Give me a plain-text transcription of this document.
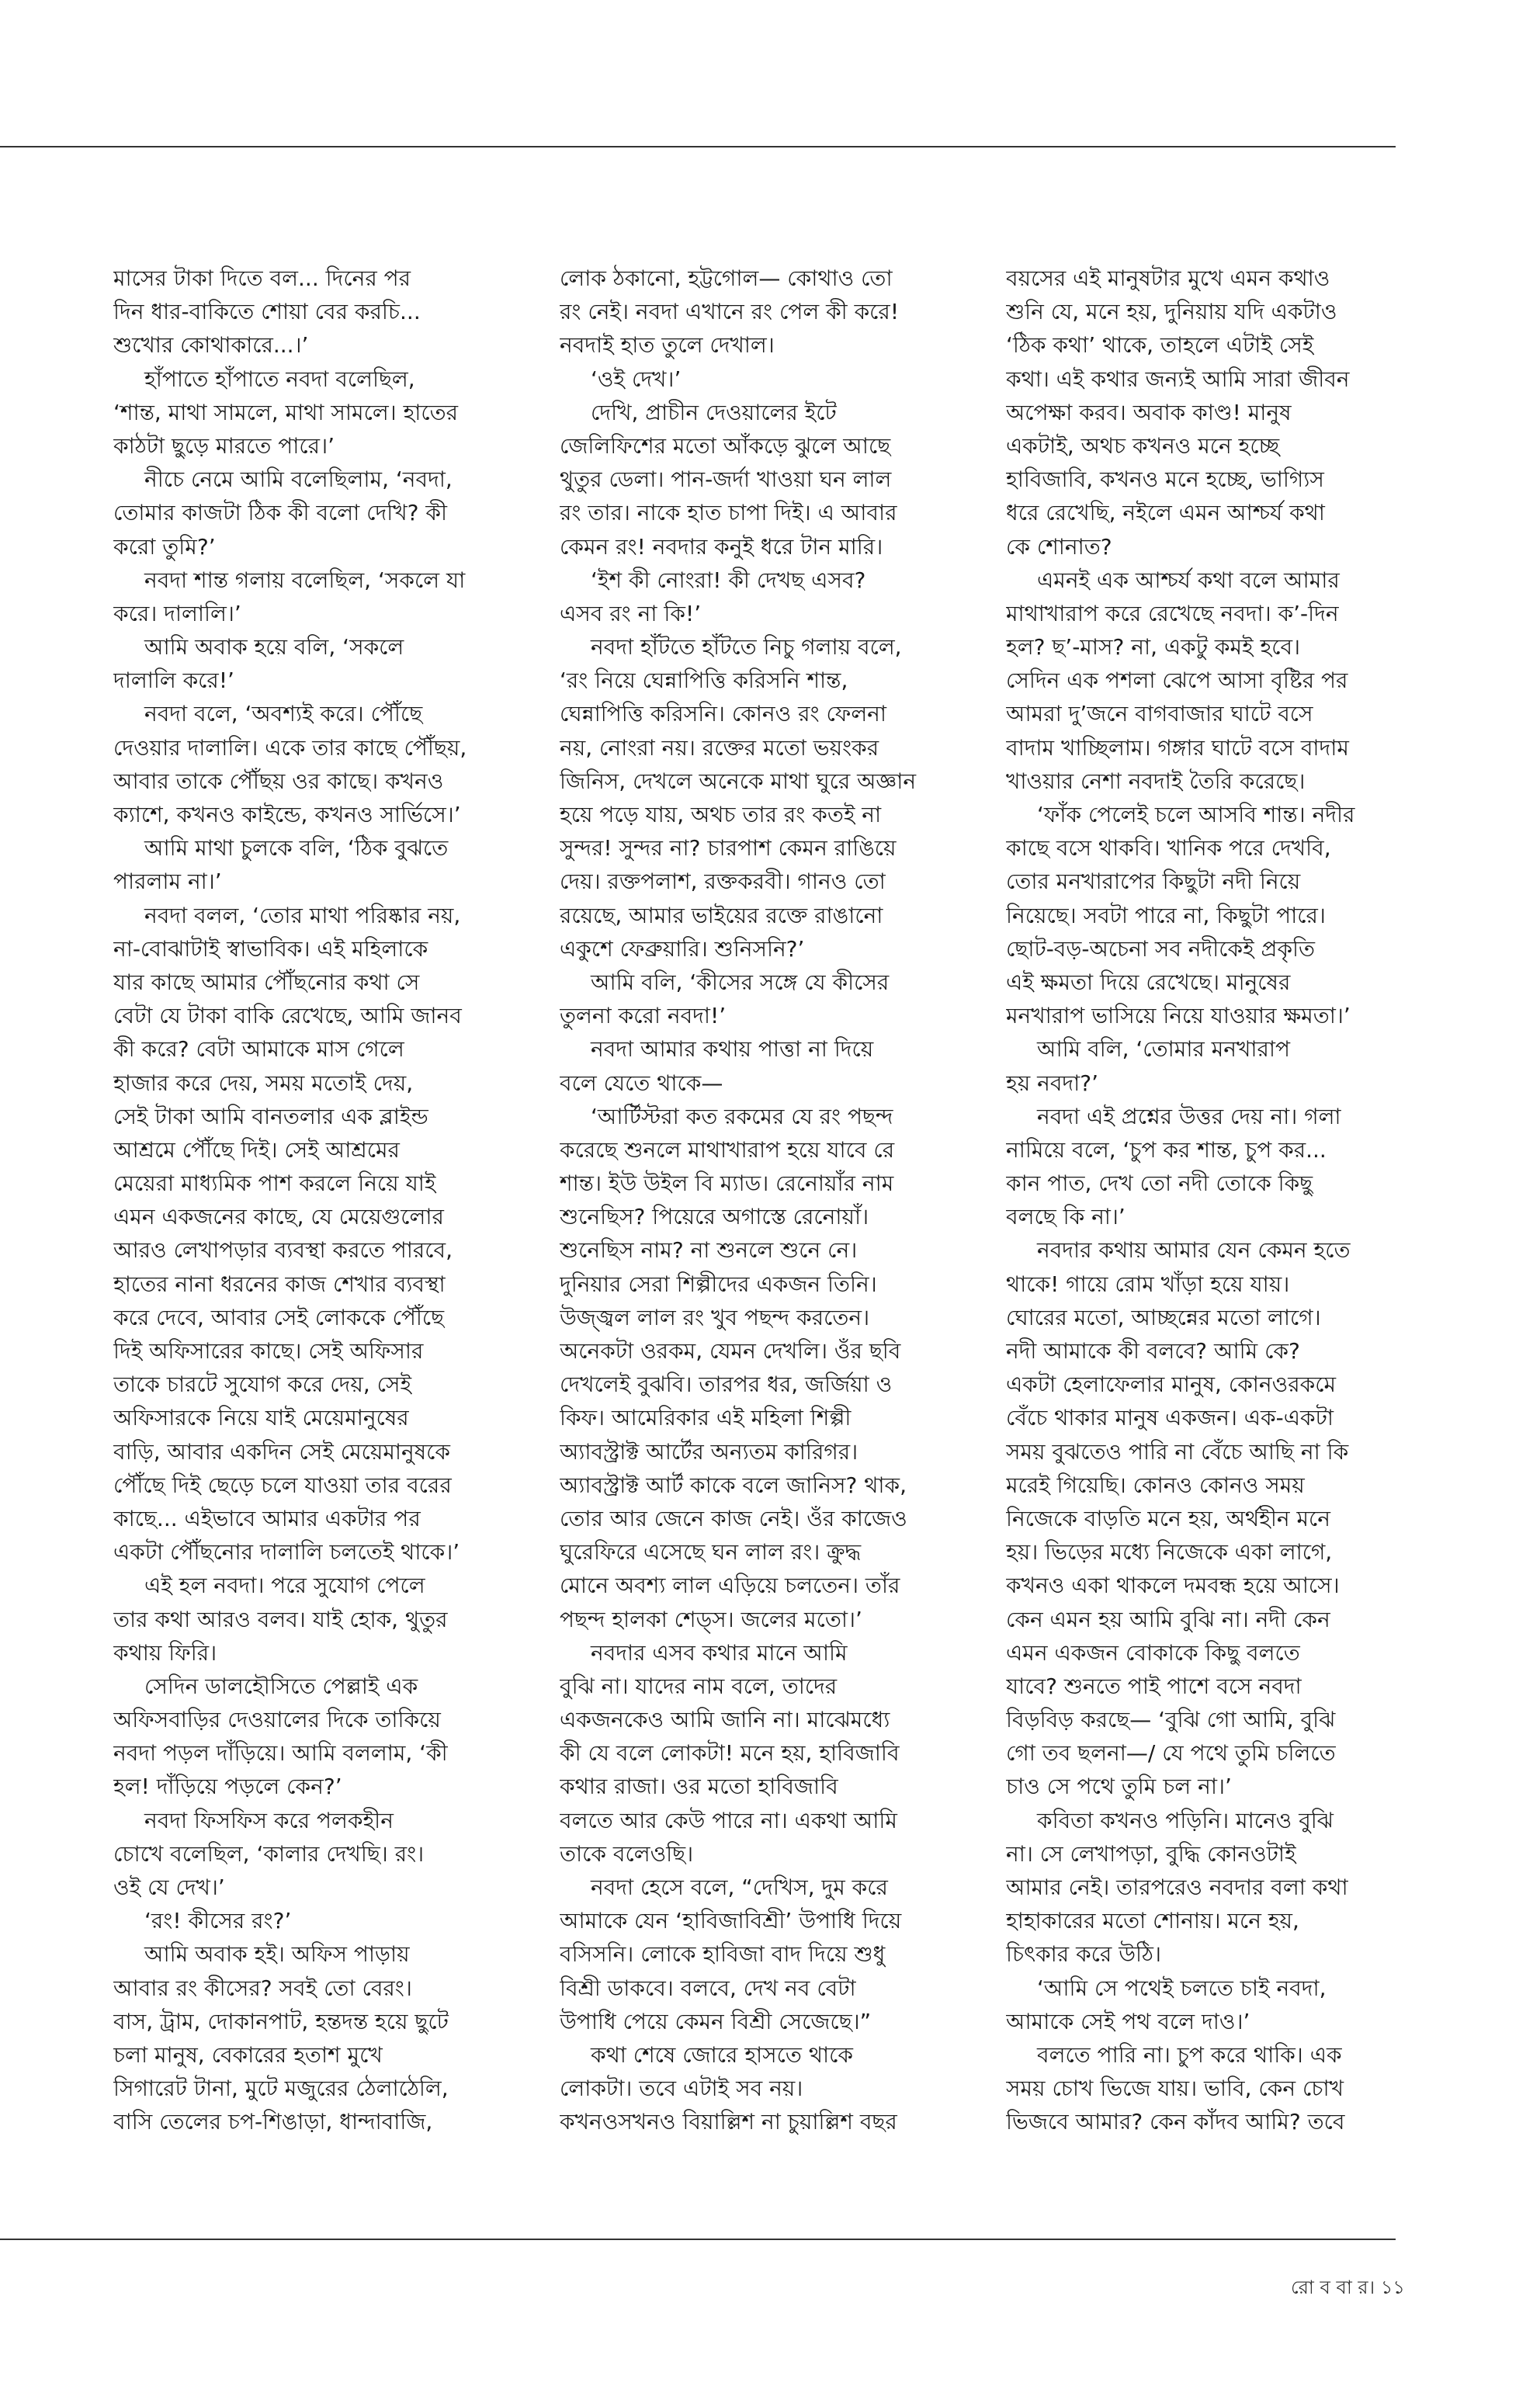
মাসের টাকা দিতে বল... দিনের পর
দিন ধার-বাকিতে শোয়া বের করচি...
শুখোর কোথাকারে...।’
হাঁপাতে হাঁপাতে নবদা বলেছিল,
‘শান্ত, মাথা সামলে, মাথা সামলে। হাতের
কাঠটা ছুড়ে মারতে পারে।’
নীচে নেমে আমি বলেছিলাম, ‘নবদা,
তোমার কাজটা ঠিক কী বলো দেখি? কী
করো তুমি?’
নবদা শান্ত গলায় বলেছিল, ‘সকলে যা
করে। দালালি।’
আমি অবাক হয়ে বলি, ‘সকলে
দালালি করে!’
নবদা বলে, ‘অবশ্যই করে। পৌঁছে
দেওয়ার দালালি। একে তার কাছে পৌঁছয়,
আবার তাকে পৌঁছয় ওর কাছে। কখনও
ক্যাশে, কখনও কাইন্ডে, কখনও সার্ভিসে।’
আমি মাথা চুলকে বলি, ‘ঠিক বুঝতে
পারলাম না।’
নবদা বলল, ‘তোর মাথা পরিষ্কার নয়,
না-বোঝাটাই স্বাভাবিক। এই মহিলাকে
যার কাছে আমার পৌঁছনোর কথা সে
বেটা যে টাকা বাকি রেখেছে, আমি জানব
কী করে? বেটা আমাকে মাস গেলে
হাজার করে দেয়, সময় মতোই দেয়,
সেই টাকা আমি বানতলার এক ব্লাইন্ড
আশ্রমে পৌঁছে দিই। সেই আশ্রমের
মেয়েরা মাধ্যমিক পাশ করলে নিয়ে যাই
এমন একজনের কাছে, যে মেয়েগুলোর
আরও লেখাপড়ার ব্যবস্থা করতে পারবে,
হাতের নানা ধরনের কাজ শেখার ব্যবস্থা
করে দেবে, আবার সেই লোককে পৌঁছে
দিই অফিসারের কাছে। সেই অফিসার
তাকে চারটে সুযোগ করে দেয়, সেই
অফিসারকে নিয়ে যাই মেয়েমানুষের
বাড়ি, আবার একদিন সেই মেয়েমানুষকে
পৌঁছে দিই ছেড়ে চলে যাওয়া তার বরের
কাছে... এইভাবে আমার একটার পর
একটা পৌঁছনোর দালালি চলতেই থাকে।’
এই হল নবদা। পরে সুযোগ পেলে
তার কথা আরও বলব। যাই হোক, থুতুর
কথায় ফিরি।
সেদিন ডালহৌসিতে পেল্লাই এক
অফিসবাড়ির দেওয়ালের দিকে তাকিয়ে
নবদা পড়ল দাঁড়িয়ে। আমি বললাম, ‘কী
হল! দাঁড়িয়ে পড়লে কেন?’
নবদা ফিসফিস করে পলকহীন
চোখে বলেছিল, ‘কালার দেখছি। রং।
ওই যে দেখ।’
‘রং! কীসের রং?’
আমি অবাক হই। অফিস পাড়ায়
আবার রং কীসের? সবই তো বেরং।
বাস, ট্রাম, দোকানপাট, হন্তদন্ত হয়ে ছুটে
চলা মানুষ, বেকারের হতাশ মুখে
সিগারেট টানা, মুটে মজুরের ঠেলাঠেলি,
বাসি তেলের চপ-শিঙাড়া, ধান্দাবাজি,
লোক ঠকানো, হট্টগোল— কোথাও তো
রং নেই। নবদা এখানে রং পেল কী করে!
নবদাই হাত তুলে দেখাল।
‘ওই দেখ।’
দেখি, প্রাচীন দেওয়ালের ইটে
জেলিফিশের মতো আঁকড়ে ঝুলে আছে
থুতুর ডেলা। পান-জর্দা খাওয়া ঘন লাল
রং তার। নাকে হাত চাপা দিই। এ আবার
কেমন রং! নবদার কনুই ধরে টান মারি।
‘ইশ কী নোংরা! কী দেখছ এসব?
এসব রং না কি!’
নবদা হাঁটতে হাঁটতে নিচু গলায় বলে,
‘রং নিয়ে ঘেন্নাপিত্তি করিসনি শান্ত,
ঘেন্নাপিত্তি করিসনি। কোনও রং ফেলনা
নয়, নোংরা নয়। রক্তের মতো ভয়ংকর
জিনিস, দেখলে অনেকে মাথা ঘুরে অজ্ঞান
হয়ে পড়ে যায়, অথচ তার রং কতই না
সুন্দর! সুন্দর না? চারপাশ কেমন রাঙিয়ে
দেয়। রক্তপলাশ, রক্তকরবী। গানও তো
রয়েছে, আমার ভাইয়ের রক্তে রাঙানো
একুশে ফেব্রুয়ারি। শুনিসনি?’
আমি বলি, ‘কীসের সঙ্গে যে কীসের
তুলনা করো নবদা!’
নবদা আমার কথায় পাত্তা না দিয়ে
বলে যেতে থাকে—
‘আর্টিস্টরা কত রকমের যে রং পছন্দ
করেছে শুনলে মাথাখারাপ হয়ে যাবে রে
শান্ত। ইউ উইল বি ম্যাড। রেনোয়াঁর নাম
শুনেছিস? পিয়েরে অগাস্তে রেনোয়াঁ।
শুনেছিস নাম? না শুনলে শুনে নে।
দুনিয়ার সেরা শিল্পীদের একজন তিনি।
উজ্জ্বল লাল রং খুব পছন্দ করতেন।
অনেকটা ওরকম, যেমন দেখলি। ওঁর ছবি
দেখলেই বুঝবি। তারপর ধর, জর্জিয়া ও
কিফ। আমেরিকার এই মহিলা শিল্পী
অ্যাবস্ট্রাক্ট আর্টের অন্যতম কারিগর।
অ্যাবস্ট্রাক্ট আর্ট কাকে বলে জানিস? থাক,
তোর আর জেনে কাজ নেই। ওঁর কাজেও
ঘুরেফিরে এসেছে ঘন লাল রং। ক্রুদ্ধ
মোনে অবশ্য লাল এড়িয়ে চলতেন। তাঁর
পছন্দ হালকা শেড্‌স। জলের মতো।’
নবদার এসব কথার মানে আমি
বুঝি না। যাদের নাম বলে, তাদের
একজনকেও আমি জানি না। মাঝেমধ্যে
কী যে বলে লোকটা! মনে হয়, হাবিজাবি
কথার রাজা। ওর মতো হাবিজাবি
বলতে আর কেউ পারে না। একথা আমি
তাকে বলেওছি।
নবদা হেসে বলে, “দেখিস, দুম করে
আমাকে যেন ‘হাবিজাবিশ্রী’ উপাধি দিয়ে
বসিসনি। লোকে হাবিজা বাদ দিয়ে শুধু
বিশ্রী ডাকবে। বলবে, দেখ নব বেটা
উপাধি পেয়ে কেমন বিশ্রী সেজেছে।”
কথা শেষে জোরে হাসতে থাকে
লোকটা। তবে এটাই সব নয়।
কখনওসখনও বিয়াল্লিশ না চুয়াল্লিশ বছর
বয়সের এই মানুষটার মুখে এমন কথাও
শুনি যে, মনে হয়, দুনিয়ায় যদি একটাও
‘ঠিক কথা’ থাকে, তাহলে এটাই সেই
কথা। এই কথার জন্যই আমি সারা জীবন
অপেক্ষা করব। অবাক কাণ্ড! মানুষ
একটাই, অথচ কখনও মনে হচ্ছে
হাবিজাবি, কখনও মনে হচ্ছে, ভাগ্যিস
ধরে রেখেছি, নইলে এমন আশ্চর্য কথা
কে শোনাত?
এমনই এক আশ্চর্য কথা বলে আমার
মাথাখারাপ করে রেখেছে নবদা। ক’-দিন
হল? ছ’-মাস? না, একটু কমই হবে।
সেদিন এক পশলা ঝেপে আসা বৃষ্টির পর
আমরা দু’জনে বাগবাজার ঘাটে বসে
বাদাম খাচ্ছিলাম। গঙ্গার ঘাটে বসে বাদাম
খাওয়ার নেশা নবদাই তৈরি করেছে।
‘ফাঁক পেলেই চলে আসবি শান্ত। নদীর
কাছে বসে থাকবি। খানিক পরে দেখবি,
তোর মনখারাপের কিছুটা নদী নিয়ে
নিয়েছে। সবটা পারে না, কিছুটা পারে।
ছোট-বড়-অচেনা সব নদীকেই প্রকৃতি
এই ক্ষমতা দিয়ে রেখেছে। মানুষের
মনখারাপ ভাসিয়ে নিয়ে যাওয়ার ক্ষমতা।’
আমি বলি, ‘তোমার মনখারাপ
হয় নবদা?’
নবদা এই প্রশ্নের উত্তর দেয় না। গলা
নামিয়ে বলে, ‘চুপ কর শান্ত, চুপ কর...
কান পাত, দেখ তো নদী তোকে কিছু
বলছে কি না।’
নবদার কথায় আমার যেন কেমন হতে
থাকে! গায়ে রোম খাঁড়া হয়ে যায়।
ঘোরের মতো, আচ্ছন্নের মতো লাগে।
নদী আমাকে কী বলবে? আমি কে?
একটা হেলাফেলার মানুষ, কোনওরকমে
বেঁচে থাকার মানুষ একজন। এক-একটা
সময় বুঝতেও পারি না বেঁচে আছি না কি
মরেই গিয়েছি। কোনও কোনও সময়
নিজেকে বাড়তি মনে হয়, অর্থহীন মনে
হয়। ভিড়ের মধ্যে নিজেকে একা লাগে,
কখনও একা থাকলে দমবন্ধ হয়ে আসে।
কেন এমন হয় আমি বুঝি না। নদী কেন
এমন একজন বোকাকে কিছু বলতে
যাবে? শুনতে পাই পাশে বসে নবদা
বিড়বিড় করছে— ‘বুঝি গো আমি, বুঝি
গো তব ছলনা—/ যে পথে তুমি চলিতে
চাও সে পথে তুমি চল না।’
কবিতা কখনও পড়িনি। মানেও বুঝি
না। সে লেখাপড়া, বুদ্ধি কোনওটাই
আমার নেই। তারপরেও নবদার বলা কথা
হাহাকারের মতো শোনায়। মনে হয়,
চিৎকার করে উঠি।
‘আমি সে পথেই চলতে চাই নবদা,
আমাকে সেই পথ বলে দাও।’
বলতে পারি না। চুপ করে থাকি। এক
সময় চোখ ভিজে যায়। ভাবি, কেন চোখ
ভিজবে আমার? কেন কাঁদব আমি? তবে
রো ব বা র। ১১
